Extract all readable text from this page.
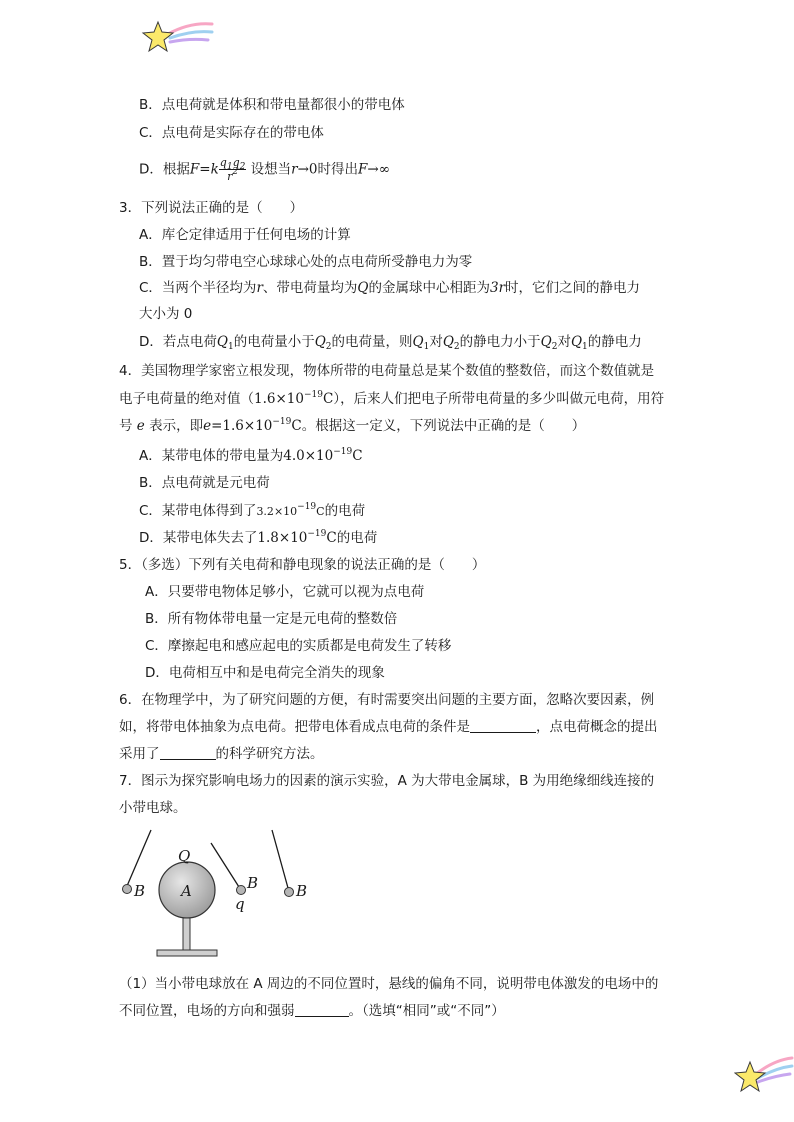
B．点电荷就是体积和带电量都很小的带电体
C．点电荷是实际存在的带电体
D．根据$F=k \frac{q_1q_2}{r^2}$ 设想当r→0时得出F→∞
3．下列说法正确的是（　　）
A．库仑定律适用于任何电场的计算
B．置于均匀带电空心球球心处的点电荷所受静电力为零
C．当两个半径均为r、带电荷量均为Q的金属球中心相距为3r时，它们之间的静电力
大小为 0
D．若点电荷$Q_1$的电荷量小于$Q_2$的电荷量，则$Q_1$对$Q_2$的静电力小于$Q_2$对$Q_1$的静电力
4．美国物理学家密立根发现，物体所带的电荷量总是某个数值的整数倍，而这个数值就是
电子电荷量的绝对值$(1.6\times 10^{-19}C)$，后来人们把电子所带电荷量的多少叫做元电荷，用符
号 e 表示，即$e=1.6\times 10^{-19}C$。根据这一定义，下列说法中正确的是（　　）
A．某带电体的带电量为$4.0\times 10^{-19}C$
B．点电荷就是元电荷
C．某带电体得到了$3.2\times 10^{-19}C$的电荷
D．某带电体失去了$1.8\times 10^{-19}C$的电荷
5．（多选）下列有关电荷和静电现象的说法正确的是（　　）
A．只要带电物体足够小，它就可以视为点电荷
B．所有物体带电量一定是元电荷的整数倍
C．摩擦起电和感应起电的实质都是电荷发生了转移
D．电荷相互中和是电荷完全消失的现象
6．在物理学中，为了研究问题的方便，有时需要突出问题的主要方面，忽略次要因素，例
如，将带电体抽象为点电荷。把带电体看成点电荷的条件是	，点电荷概念的提出
采用了	的科学研究方法。
7．图示为探究影响电场力的因素的演示实验，A 为大带电金属球，B 为用绝缘细线连接的
小带电球。
Q
A
B	B
q
B
（1）当小带电球放在 A 周边的不同位置时，悬线的偏角不同，说明带电体激发的电场中的
不同位置，电场的方向和强弱	。（选填“相同”或“不同”）
